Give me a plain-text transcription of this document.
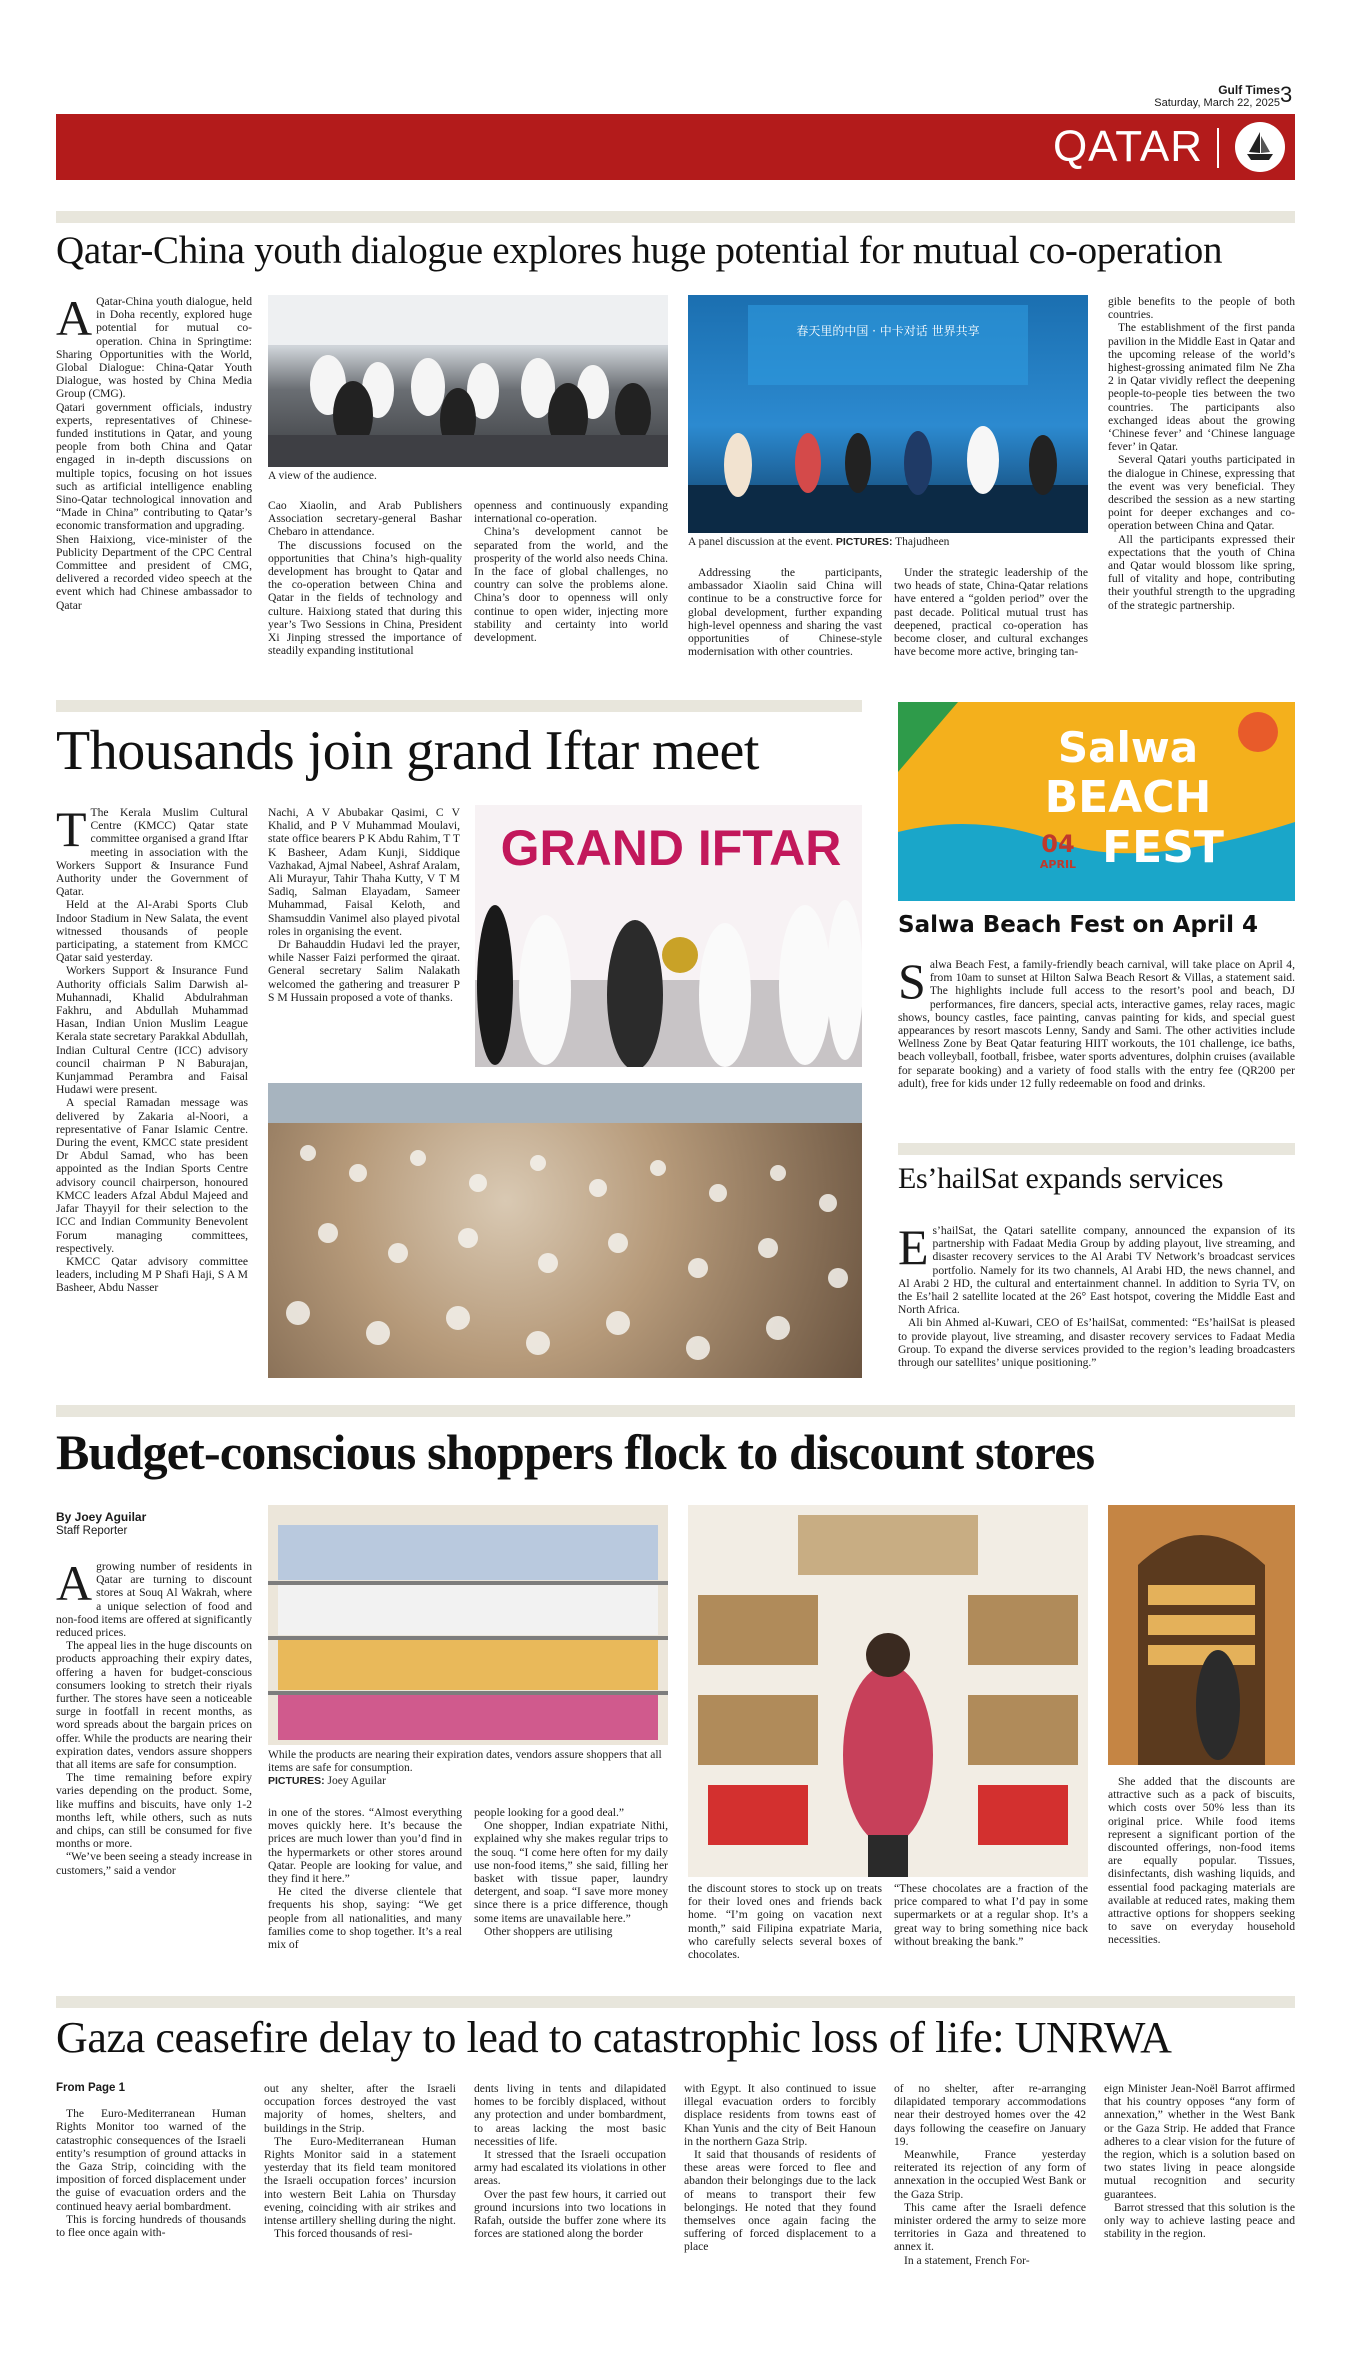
Gulf Times
Saturday, March 22, 2025 3
QATAR
Qatar-China youth dialogue explores huge potential for mutual co-operation
A Qatar-China youth dialogue, held in Doha recently, explored huge potential for mutual co-operation. China in Springtime: Sharing Opportunities with the World, Global Dialogue: China-Qatar Youth Dialogue, was hosted by China Media Group (CMG).

Qatari government officials, industry experts, representatives of Chinese-funded institutions in Qatar, and young people from both China and Qatar engaged in in-depth discussions on multiple topics, focusing on hot issues such as artificial intelligence enabling Sino-Qatar technological innovation and “Made in China” contributing to Qatar’s economic transformation and upgrading.

Shen Haixiong, vice-minister of the Publicity Department of the CPC Central Committee and president of CMG, delivered a recorded video speech at the event which had Chinese ambassador to Qatar

A view of the audience.

Cao Xiaolin, and Arab Publishers Association secretary-general Bashar Chebaro in attendance.

The discussions focused on the opportunities that China’s high-quality development has brought to Qatar and the co-operation between China and Qatar in the fields of technology and culture. Haixiong stated that during this year’s Two Sessions in China, President Xi Jinping stressed the importance of steadily expanding institutional

openness and continuously expanding international co-operation.

China’s development cannot be separated from the world, and the prosperity of the world also needs China. In the face of global challenges, no country can solve the problems alone. China’s door to openness will only continue to open wider, injecting more stability and certainty into world development.

春天里的中国 · 中卡对话 世界共享
A panel discussion at the event. PICTURES: Thajudheen

Addressing the participants, ambassador Xiaolin said China will continue to be a constructive force for global development, further expanding high-level openness and sharing the vast opportunities of Chinese-style modernisation with other countries.

Under the strategic leadership of the two heads of state, China-Qatar relations have entered a “golden period” over the past decade. Political mutual trust has deepened, practical co-operation has become closer, and cultural exchanges have become more active, bringing tan-

gible benefits to the people of both countries.

The establishment of the first panda pavilion in the Middle East in Qatar and the upcoming release of the world’s highest-grossing animated film Ne Zha 2 in Qatar vividly reflect the deepening people-to-people ties between the two countries. The participants also exchanged ideas about the growing ‘Chinese fever’ and ‘Chinese language fever’ in Qatar.

Several Qatari youths participated in the dialogue in Chinese, expressing that the event was very beneficial. They described the session as a new starting point for deeper exchanges and co-operation between China and Qatar.

All the participants expressed their expectations that the youth of China and Qatar would blossom like spring, full of vitality and hope, contributing their youthful strength to the upgrading of the strategic partnership.

Thousands join grand Iftar meet
T The Kerala Muslim Cultural Centre (KMCC) Qatar state committee organised a grand Iftar meeting in association with the Workers Support & Insurance Fund Authority under the Government of Qatar.

Held at the Al-Arabi Sports Club Indoor Stadium in New Salata, the event witnessed thousands of people participating, a statement from KMCC Qatar said yesterday.

Workers Support & Insurance Fund Authority officials Salim Darwish al-Muhannadi, Khalid Abdulrahman Fakhru, and Abdullah Muhammad Hasan, Indian Union Muslim League Kerala state secretary Parakkal Abdullah, Indian Cultural Centre (ICC) advisory council chairman P N Baburajan, Kunjammad Perambra and Faisal Hudawi were present.

A special Ramadan message was delivered by Zakaria al-Noori, a representative of Fanar Islamic Centre. During the event, KMCC state president Dr Abdul Samad, who has been appointed as the Indian Sports Centre advisory council chairperson, honoured KMCC leaders Afzal Abdul Majeed and Jafar Thayyil for their selection to the ICC and Indian Community Benevolent Forum managing committees, respectively.

KMCC Qatar advisory committee leaders, including M P Shafi Haji, S A M Basheer, Abdu Nasser

Nachi, A V Abubakar Qasimi, C V Khalid, and P V Muhammad Moulavi, state office bearers P K Abdu Rahim, T T K Basheer, Adam Kunji, Siddique Vazhakad, Ajmal Nabeel, Ashraf Aralam, Ali Murayur, Tahir Thaha Kutty, V T M Sadiq, Salman Elayadam, Sameer Muhammad, Faisal Keloth, and Shamsuddin Vanimel also played pivotal roles in organising the event.

Dr Bahauddin Hudavi led the prayer, while Nasser Faizi performed the qiraat. General secretary Salim Nalakath welcomed the gathering and treasurer P S M Hussain proposed a vote of thanks.

GRAND IFTAR
Salwa
BEACH
FEST
04
APRIL
Salwa Beach Fest on April 4
S alwa Beach Fest, a family-friendly beach carnival, will take place on April 4, from 10am to sunset at Hilton Salwa Beach Resort & Villas, a statement said. The highlights include full access to the resort’s pool and beach, DJ performances, fire dancers, special acts, interactive games, relay races, magic shows, bouncy castles, face painting, canvas painting for kids, and special guest appearances by resort mascots Lenny, Sandy and Sami. The other activities include Wellness Zone by Beat Qatar featuring HIIT workouts, the 101 challenge, ice baths, beach volleyball, football, frisbee, water sports adventures, dolphin cruises (available for separate booking) and a variety of food stalls with the entry fee (QR200 per adult), free for kids under 12 fully redeemable on food and drinks.
Es’hailSat expands services
E s’hailSat, the Qatari satellite company, announced the expansion of its partnership with Fadaat Media Group by adding playout, live streaming, and disaster recovery services to the Al Arabi TV Network’s broadcast services portfolio. Namely for its two channels, Al Arabi HD, the news channel, and Al Arabi 2 HD, the cultural and entertainment channel. In addition to Syria TV, on the Es’hail 2 satellite located at the 26° East hotspot, covering the Middle East and North Africa.

Ali bin Ahmed al-Kuwari, CEO of Es’hailSat, commented: “Es’hailSat is pleased to provide playout, live streaming, and disaster recovery services to Fadaat Media Group. To expand the diverse services provided to the region’s leading broadcasters through our satellites’ unique positioning.”

Budget-conscious shoppers flock to discount stores
By Joey Aguilar
Staff Reporter
A growing number of residents in Qatar are turning to discount stores at Souq Al Wakrah, where a unique selection of food and non-food items are offered at significantly reduced prices.

The appeal lies in the huge discounts on products approaching their expiry dates, offering a haven for budget-conscious consumers looking to stretch their riyals further. The stores have seen a noticeable surge in footfall in recent months, as word spreads about the bargain prices on offer. While the products are nearing their expiration dates, vendors assure shoppers that all items are safe for consumption.

The time remaining before expiry varies depending on the product. Some, like muffins and biscuits, have only 1-2 months left, while others, such as nuts and chips, can still be consumed for five months or more.

“We’ve been seeing a steady increase in customers,” said a vendor

While the products are nearing their expiration dates, vendors assure shoppers that all items are safe for consumption.
PICTURES: Joey Aguilar

in one of the stores. “Almost everything moves quickly here. It’s because the prices are much lower than you’d find in the hypermarkets or other stores around Qatar. People are looking for value, and they find it here.”

He cited the diverse clientele that frequents his shop, saying: “We get people from all nationalities, and many families come to shop together. It’s a real mix of

people looking for a good deal.”

One shopper, Indian expatriate Nithi, explained why she makes regular trips to the souq. “I come here often for my daily use non-food items,” she said, filling her basket with tissue paper, laundry detergent, and soap. “I save more money since there is a price difference, though some items are unavailable here.”

Other shoppers are utilising

the discount stores to stock up on treats for their loved ones and friends back home. “I’m going on vacation next month,” said Filipina expatriate Maria, who carefully selects several boxes of chocolates.

“These chocolates are a fraction of the price compared to what I’d pay in some supermarkets or at a regular shop. It’s a great way to bring something nice back without breaking the bank.”

She added that the discounts are attractive such as a pack of biscuits, which costs over 50% less than its original price. While food items represent a significant portion of the discounted offerings, non-food items are equally popular. Tissues, disinfectants, dish washing liquids, and essential food packaging materials are available at reduced rates, making them attractive options for shoppers seeking to save on everyday household necessities.

Gaza ceasefire delay to lead to catastrophic loss of life: UNRWA
From Page 1

The Euro-Mediterranean Human Rights Monitor too warned of the catastrophic consequences of the Israeli entity’s resumption of ground attacks in the Gaza Strip, coinciding with the imposition of forced displacement under the guise of evacuation orders and the continued heavy aerial bombardment.

This is forcing hundreds of thousands to flee once again with-

out any shelter, after the Israeli occupation forces destroyed the vast majority of homes, shelters, and buildings in the Strip.

The Euro-Mediterranean Human Rights Monitor said in a statement yesterday that its field team monitored the Israeli occupation forces’ incursion into western Beit Lahia on Thursday evening, coinciding with air strikes and intense artillery shelling during the night.

This forced thousands of resi-

dents living in tents and dilapidated homes to be forcibly displaced, without any protection and under bombardment, to areas lacking the most basic necessities of life.

It stressed that the Israeli occupation army had escalated its violations in other areas.

Over the past few hours, it carried out ground incursions into two locations in Rafah, outside the buffer zone where its forces are stationed along the border

with Egypt. It also continued to issue illegal evacuation orders to forcibly displace residents from towns east of Khan Yunis and the city of Beit Hanoun in the northern Gaza Strip.

It said that thousands of residents of these areas were forced to flee and abandon their belongings due to the lack of means to transport their few belongings. He noted that they found themselves once again facing the suffering of forced displacement to a place

of no shelter, after re-arranging dilapidated temporary accommodations near their destroyed homes over the 42 days following the ceasefire on January 19.

Meanwhile, France yesterday reiterated its rejection of any form of annexation in the occupied West Bank or the Gaza Strip.

This came after the Israeli defence minister ordered the army to seize more territories in Gaza and threatened to annex it.

In a statement, French For-

eign Minister Jean-Noël Barrot affirmed that his country opposes “any form of annexation,” whether in the West Bank or the Gaza Strip. He added that France adheres to a clear vision for the future of the region, which is a solution based on two states living in peace alongside mutual recognition and security guarantees.

Barrot stressed that this solution is the only way to achieve lasting peace and stability in the region.
